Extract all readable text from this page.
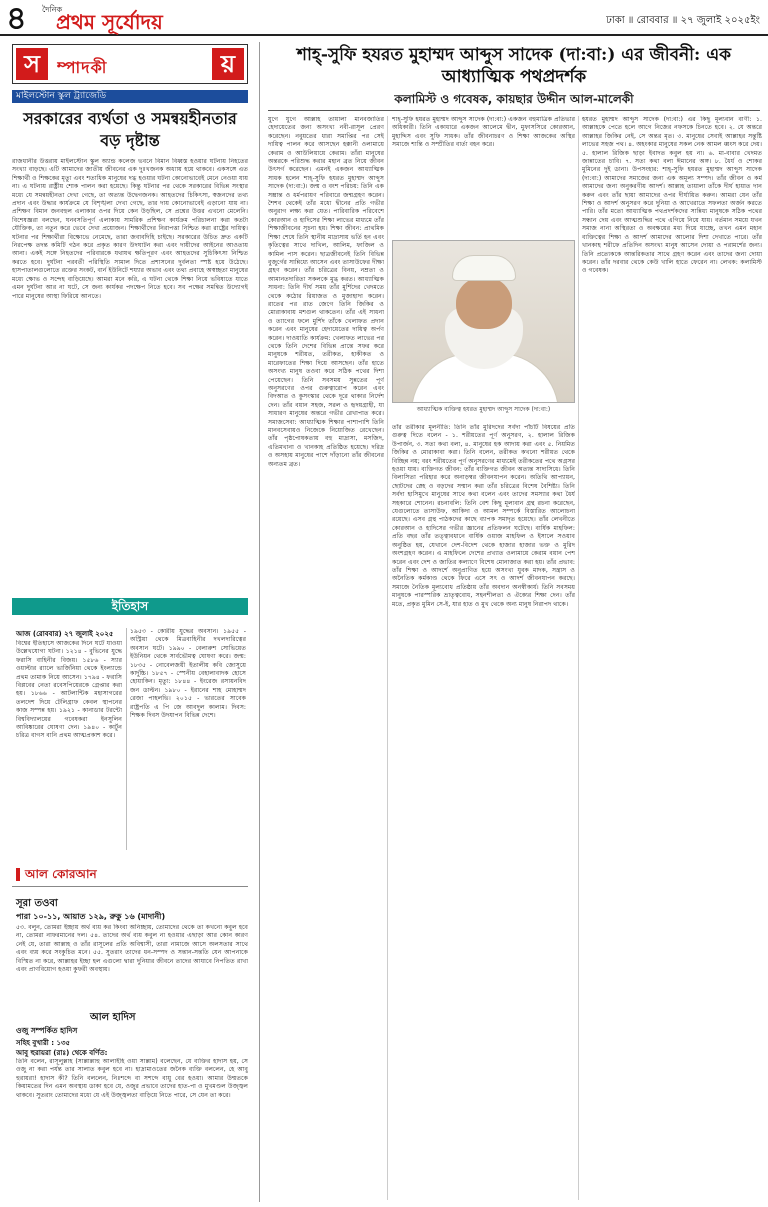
৪ দৈনিক
প্রথম সূর্যোদয়	ঢাকা ॥ রোববার ॥ ২৭ জুলাই ২০২৫ইং
স	ম্পাদকী	য়
মাইলস্টোন স্কুল ট্র্যাজেডি
সরকারের ব্যর্থতা ও সমন্বয়হীনতার বড় দৃষ্টান্ত
রাজধানীর উত্তরায় মাইলস্টোন স্কুল অ্যান্ড কলেজ ভবনে বিমান বিধ্বস্ত হওয়ার ঘটনায় নিহতের সংখ্যা বাড়ছে। এটি আমাদের জাতীয় জীবনের এক দুঃখজনক অধ্যায় হয়ে থাকবে। একসঙ্গে এত শিক্ষার্থী ও শিক্ষকের মৃত্যু এবং শতাধিক মানুষের দগ্ধ হওয়ার ঘটনা কোনোভাবেই মেনে নেওয়া যায় না। এ ঘটনায় রাষ্ট্রীয় শোক পালন করা হয়েছে। কিন্তু ঘটনার পর থেকে সরকারের বিভিন্ন সংস্থার মধ্যে যে সমন্বয়হীনতা দেখা গেছে, তা অত্যন্ত উদ্বেগজনক। আহতদের চিকিৎসা, স্বজনদের তথ্য প্রদান এবং উদ্ধার কার্যক্রমে যে বিশৃঙ্খলা দেখা গেছে, তার দায় কোনোভাবেই এড়ানো যায় না। প্রশিক্ষণ বিমান জনবহুল এলাকার ওপর দিয়ে কেন উড়ছিল, সে প্রশ্নের উত্তর এখনো মেলেনি। বিশেষজ্ঞরা বলছেন, ঘনবসতিপূর্ণ এলাকায় সামরিক প্রশিক্ষণ কার্যক্রম পরিচালনা করা কতটা যৌক্তিক, তা নতুন করে ভেবে দেখা প্রয়োজন। শিক্ষার্থীদের নিরাপত্তা নিশ্চিত করা রাষ্ট্রের দায়িত্ব। ঘটনার পর শিক্ষার্থীরা বিক্ষোভে নেমেছে, তারা জবাবদিহি চাইছে। সরকারের উচিত দ্রুত একটি নিরপেক্ষ তদন্ত কমিটি গঠন করে প্রকৃত কারণ উদঘাটন করা এবং দায়ীদের আইনের আওতায় আনা। একই সঙ্গে নিহতদের পরিবারকে যথাযথ ক্ষতিপূরণ এবং আহতদের সুচিকিৎসা নিশ্চিত করতে হবে। দুর্ঘটনা পরবর্তী পরিস্থিতি সামাল দিতে প্রশাসনের দুর্বলতা স্পষ্ট হয়ে উঠেছে। হাসপাতালগুলোতে রক্তের সংকট, বার্ন ইউনিটে শয্যার অভাব এবং তথ্য প্রবাহে অস্বচ্ছতা মানুষের মধ্যে ক্ষোভ ও সন্দেহ বাড়িয়েছে। আমরা মনে করি, এ ঘটনা থেকে শিক্ষা নিয়ে ভবিষ্যতে যাতে এমন দুর্ঘটনা আর না ঘটে, সে জন্য কার্যকর পদক্ষেপ নিতে হবে। সব পক্ষের সমন্বিত উদ্যোগই পারে মানুষের আস্থা ফিরিয়ে আনতে।
ইতিহাস
আজ (রোববার) ২৭ জুলাই ২০২৫
বিশ্বের ইতিহাসে আজকের দিনে ঘটে যাওয়া উল্লেখযোগ্য ঘটনা। ১২১৪ - বুভিনের যুদ্ধে ফরাসি বাহিনীর বিজয়। ১৫৮৬ - স্যার ওয়াল্টার র‍্যালে ভার্জিনিয়া থেকে ইংল্যান্ডে প্রথম তামাক নিয়ে আসেন। ১৭৯৪ - ফরাসি বিপ্লবের নেতা রবেসপিয়েরকে গ্রেপ্তার করা হয়। ১৮৬৬ - আটলান্টিক মহাসাগরের তলদেশ দিয়ে টেলিগ্রাফ কেবল স্থাপনের কাজ সম্পন্ন হয়। ১৯২১ - কানাডার টরন্টো বিশ্ববিদ্যালয়ের গবেষকরা ইনসুলিন আবিষ্কারের ঘোষণা দেন। ১৯৪০ - কার্টুন চরিত্র বাগস বানি প্রথম আত্মপ্রকাশ করে।
১৯৫৩ - কোরীয় যুদ্ধের অবসান। ১৯৫৫ - অস্ট্রিয়া থেকে মিত্রবাহিনীর দখলদারিত্বের অবসান ঘটে। ১৯৯০ - বেলারুশ সোভিয়েত ইউনিয়ন থেকে সার্বভৌমত্ব ঘোষণা করে। জন্ম: ১৮৩৫ - নোবেলজয়ী ইতালীয় কবি জোসুয়ে কার্দুচ্চি। ১৮৫৭ - স্পেনীয় বেহালাবাদক হোসে হোয়াকিন। মৃত্যু: ১৮৪৪ - ইংরেজ রসায়নবিদ জন ডাল্টন। ১৯৮০ - ইরানের শাহ মোহাম্মদ রেজা পাহলভি। ২০১৫ - ভারতের সাবেক রাষ্ট্রপতি এ পি জে আবদুল কালাম। দিবস: শিক্ষক দিবস উদযাপন বিভিন্ন দেশে।
আল কোরআন
সূরা তওবা
পারা ১০-১১, আয়াত ১২৯, রুকু ১৬ (মাদানী)
৫৩. বলুন, তোমরা ইচ্ছায় অর্থ ব্যয় কর কিংবা অনিচ্ছায়, তোমাদের থেকে তা কখনো কবুল হবে না, তোমরা নাফরমানের দল। ৫৪. তাদের অর্থ ব্যয় কবুল না হওয়ার এছাড়া আর কোন কারণ নেই যে, তারা আল্লাহ ও তাঁর রাসূলের প্রতি অবিশ্বাসী, তারা নামাজে আসে অলসতার সাথে এবং ব্যয় করে সংকুচিত মনে। ৫৫. সুতরাং তাদের ধন-সম্পদ ও সন্তান-সন্ততি যেন আপনাকে বিস্মিত না করে, আল্লাহর ইচ্ছা হল এগুলো দ্বারা দুনিয়ার জীবনে তাদের আযাবে নিপতিত রাখা এবং প্রাণবিয়োগ হওয়া কুফরী অবস্থায়।
আল হাদিস
ওজু সম্পর্কিত হাদিস
সহিহ বুখারী : ১৩৫
আবু হুরায়রা (রাঃ) থেকে বর্ণিত:
তিনি বলেন, রাসূলুল্লাহ (সাল্লাল্লাহু আলাইহি ওয়া সাল্লাম) বলেছেন, যে ব্যক্তির হাদাস হয়, সে ওজু না করা পর্যন্ত তার সালাত কবুল হবে না। হাদ্রামাওতের জনৈক ব্যক্তি বললেন, হে আবু হুরায়রা! হাদাস কী? তিনি বললেন, নিঃশব্দে বা সশব্দে বায়ু বের হওয়া। আমার উম্মতকে কিয়ামতের দিন এমন অবস্থায় ডাকা হবে যে, ওজুর প্রভাবে তাদের হাত-পা ও মুখমণ্ডল উজ্জ্বল থাকবে। সুতরাং তোমাদের মধ্যে যে এই উজ্জ্বলতা বাড়িয়ে নিতে পারে, সে যেন তা করে।
শাহ্-সুফি হযরত মুহাম্মদ আব্দুস সাদেক (দা:বা:) এর জীবনী: এক আধ্যাত্মিক পথপ্রদর্শক
কলামিস্ট ও গবেষক, কায়ছার উদ্দীন আল-মালেকী
যুগে যুগে আল্লাহ তায়ালা মানবজাতির হেদায়েতের জন্য অসংখ্য নবী-রাসূল প্রেরণ করেছেন। নবুয়তের ধারা সমাপ্তির পর সেই দায়িত্ব পালন করে আসছেন হক্কানী ওলামায়ে কেরাম ও আউলিয়ায়ে কেরাম। তাঁরা মানুষের অন্তরকে পরিশুদ্ধ করার মহান ব্রত নিয়ে জীবন উৎসর্গ করেছেন। এমনই একজন আধ্যাত্মিক সাধক হলেন শাহ্-সুফি হযরত মুহাম্মদ আব্দুস সাদেক (দা:বা:)। জন্ম ও বংশ পরিচয়: তিনি এক সম্ভ্রান্ত ও ধর্মপরায়ণ পরিবারে জন্মগ্রহণ করেন। শৈশব থেকেই তাঁর মধ্যে দ্বীনের প্রতি গভীর অনুরাগ লক্ষ্য করা যেত। পারিবারিক পরিবেশে কোরআন ও হাদিসের শিক্ষা লাভের মাধ্যমে তাঁর শিক্ষাজীবনের সূচনা হয়। শিক্ষা জীবন: প্রাথমিক শিক্ষা শেষে তিনি স্থানীয় মাদ্রাসায় ভর্তি হন এবং কৃতিত্বের সাথে দাখিল, আলিম, ফাজিল ও কামিল পাস করেন। ছাত্রজীবনেই তিনি বিভিন্ন বুজুর্গের সান্নিধ্যে আসেন এবং তাসাউফের দীক্ষা গ্রহণ করেন। তাঁর চরিত্রের বিনয়, নম্রতা ও আমানতদারিতা সকলকে মুগ্ধ করত। আধ্যাত্মিক সাধনা: তিনি দীর্ঘ সময় তাঁর মুর্শিদের খেদমতে থেকে কঠোর রিয়াজত ও মুজাহাদা করেন। রাতের পর রাত জেগে তিনি জিকির ও মোরাকাবায় মশগুল থাকতেন। তাঁর এই সাধনা ও ত্যাগের ফলে মুর্শিদ তাঁকে খেলাফত প্রদান করেন এবং মানুষের হেদায়েতের দায়িত্ব অর্পণ করেন। দাওয়াতি কার্যক্রম: খেলাফত লাভের পর থেকে তিনি দেশের বিভিন্ন প্রান্তে সফর করে মানুষকে শরীয়ত, তরীকত, হাকীকত ও মারেফাতের শিক্ষা দিয়ে আসছেন। তাঁর হাতে অসংখ্য মানুষ তওবা করে সঠিক পথের দিশা পেয়েছেন। তিনি সবসময় সুন্নতের পূর্ণ অনুসরণের ওপর গুরুত্বারোপ করেন এবং বিদআত ও কুসংস্কার থেকে দূরে থাকার নির্দেশ দেন। তাঁর বয়ান সহজ, সরল ও হৃদয়গ্রাহী, যা সাধারণ মানুষের অন্তরে গভীর রেখাপাত করে। সমাজসেবা: আধ্যাত্মিক শিক্ষার পাশাপাশি তিনি মানবসেবায়ও নিজেকে নিয়োজিত রেখেছেন। তাঁর পৃষ্ঠপোষকতায় বহু মাদ্রাসা, মসজিদ, এতিমখানা ও খানকাহ প্রতিষ্ঠিত হয়েছে। দরিদ্র ও অসহায় মানুষের পাশে দাঁড়ানো তাঁর জীবনের অন্যতম ব্রত।
শাহ্-সুফি হযরত মুহাম্মদ আব্দুস সাদেক (দা:বা:) একজন বহুমাত্রিক প্রতিভার অধিকারী। তিনি একাধারে একজন আলেমে দ্বীন, মুফাসসিরে কোরআন, মুহাদ্দিস এবং সুফি সাধক। তাঁর জীবনাচরণ ও শিক্ষা আজকের অস্থির সমাজে শান্তি ও সম্প্রীতির বার্তা বহন করে।
আধ্যাত্মিক ব্যক্তিত্ব হযরত মুহাম্মদ আব্দুস সাদেক (দা:বা:)
তাঁর তরীকার মূলনীতি: তিনি তাঁর মুরিদদের সর্বদা পাঁচটি বিষয়ের প্রতি গুরুত্ব দিতে বলেন - ১. শরীয়তের পূর্ণ অনুসরণ, ২. হালাল রিজিক উপার্জন, ৩. সত্য কথা বলা, ৪. মানুষের হক আদায় করা এবং ৫. নিয়মিত জিকির ও মোরাকাবা করা। তিনি বলেন, তরীকত কখনো শরীয়ত থেকে বিচ্ছিন্ন নয়; বরং শরীয়তের পূর্ণ অনুসরণের মাধ্যমেই তরীকতের পথে অগ্রসর হওয়া যায়। ব্যক্তিগত জীবন: তাঁর ব্যক্তিগত জীবন অত্যন্ত সাদাসিধে। তিনি বিলাসিতা পরিহার করে অনাড়ম্বর জীবনযাপন করেন। অতিথি আপ্যায়ন, ছোটদের স্নেহ ও বড়দের সম্মান করা তাঁর চরিত্রের বিশেষ বৈশিষ্ট্য। তিনি সর্বদা হাসিমুখে মানুষের সাথে কথা বলেন এবং তাদের সমস্যার কথা ধৈর্য সহকারে শোনেন। রচনাবলি: তিনি বেশ কিছু মূল্যবান গ্রন্থ রচনা করেছেন, যেগুলোতে তাসাউফ, আকিদা ও আমল সম্পর্কে বিস্তারিত আলোচনা রয়েছে। এসব গ্রন্থ পাঠকদের কাছে ব্যাপক সমাদৃত হয়েছে। তাঁর লেখনীতে কোরআন ও হাদিসের গভীর জ্ঞানের প্রতিফলন ঘটেছে। বার্ষিক মাহফিল: প্রতি বছর তাঁর তত্ত্বাবধানে বার্ষিক ওয়াজ মাহফিল ও ইসালে সওয়াব অনুষ্ঠিত হয়, যেখানে দেশ-বিদেশ থেকে হাজার হাজার ভক্ত ও মুরিদ অংশগ্রহণ করেন। এ মাহফিলে দেশের প্রখ্যাত ওলামায়ে কেরাম বয়ান পেশ করেন এবং দেশ ও জাতির কল্যাণে বিশেষ মোনাজাত করা হয়। তাঁর প্রভাব: তাঁর শিক্ষা ও আদর্শে অনুপ্রাণিত হয়ে অসংখ্য যুবক মাদক, সন্ত্রাস ও অনৈতিক কর্মকাণ্ড থেকে ফিরে এসে সৎ ও আদর্শ জীবনযাপন করছে। সমাজে নৈতিক মূল্যবোধ প্রতিষ্ঠায় তাঁর অবদান অনস্বীকার্য। তিনি সবসময় মানুষকে পারস্পরিক ভ্রাতৃত্ববোধ, সহনশীলতা ও ঐক্যের শিক্ষা দেন। তাঁর মতে, প্রকৃত মুমিন সে-ই, যার হাত ও মুখ থেকে অন্য মানুষ নিরাপদ থাকে।
হযরত মুহাম্মদ আব্দুস সাদেক (দা:বা:) এর কিছু মূল্যবান বাণী: ১. আল্লাহকে পেতে হলে আগে নিজের নফসকে চিনতে হবে। ২. যে অন্তরে আল্লাহর জিকির নেই, সে অন্তর মৃত। ৩. মানুষের সেবাই আল্লাহর সন্তুষ্টি লাভের সহজ পথ। ৪. অহংকার মানুষের সকল নেক আমল ধ্বংস করে দেয়। ৫. হালাল রিজিক ছাড়া ইবাদত কবুল হয় না। ৬. মা-বাবার খেদমত জান্নাতের চাবি। ৭. সত্য কথা বলা ঈমানের অঙ্গ। ৮. ধৈর্য ও শোকর মুমিনের দুই ডানা। উপসংহার: শাহ্-সুফি হযরত মুহাম্মদ আব্দুস সাদেক (দা:বা:) আমাদের সমাজের জন্য এক অমূল্য সম্পদ। তাঁর জীবন ও কর্ম আমাদের জন্য অনুকরণীয় আদর্শ। আল্লাহ তায়ালা তাঁকে দীর্ঘ হায়াত দান করুন এবং তাঁর ছায়া আমাদের ওপর দীর্ঘায়িত করুন। আমরা যেন তাঁর শিক্ষা ও আদর্শ অনুসরণ করে দুনিয়া ও আখেরাতে সফলতা অর্জন করতে পারি। তাঁর মতো আধ্যাত্মিক পথপ্রদর্শকদের সান্নিধ্য মানুষকে সঠিক পথের সন্ধান দেয় এবং আত্মশুদ্ধির পথে এগিয়ে নিয়ে যায়। বর্তমান সময়ে যখন সমাজ নানা অস্থিরতা ও অবক্ষয়ের মধ্য দিয়ে যাচ্ছে, তখন এমন মহান ব্যক্তিত্বের শিক্ষা ও আদর্শ আমাদের আলোর দিশা দেখাতে পারে। তাঁর খানকাহ শরীফে প্রতিদিন অসংখ্য মানুষ আসেন দোয়া ও পরামর্শের জন্য। তিনি প্রত্যেককে আন্তরিকতার সাথে গ্রহণ করেন এবং তাদের জন্য দোয়া করেন। তাঁর দরবার থেকে কেউ খালি হাতে ফেরেন না। লেখক: কলামিস্ট ও গবেষক।
